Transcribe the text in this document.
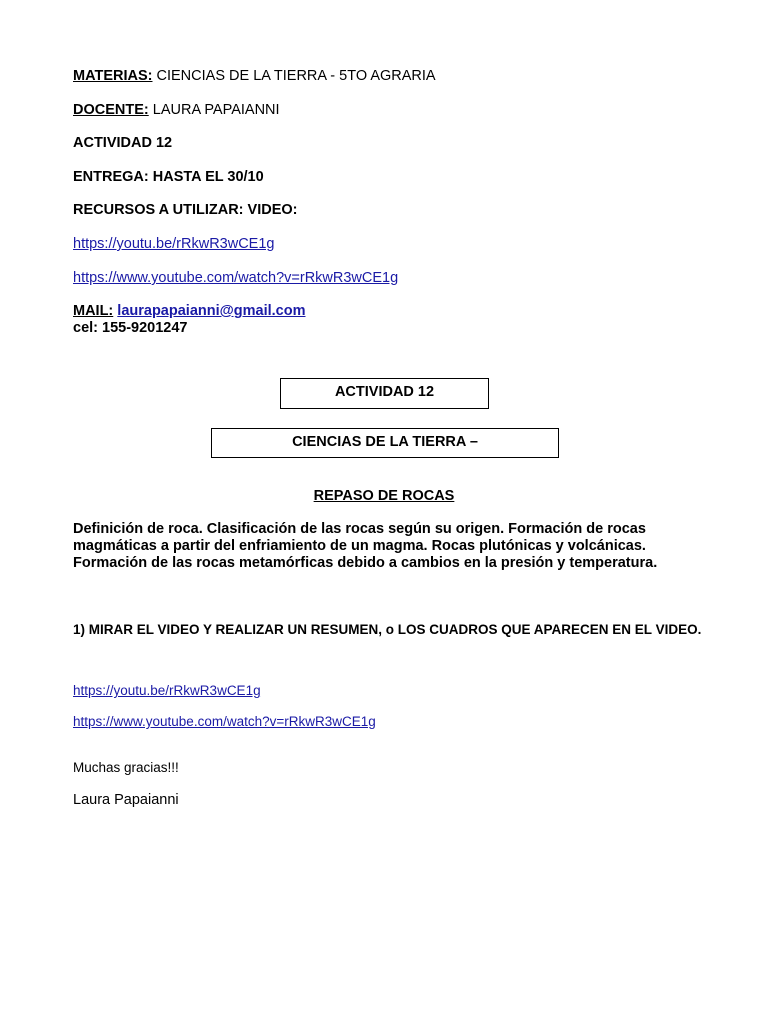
MATERIAS: CIENCIAS DE LA TIERRA - 5TO AGRARIA
DOCENTE: LAURA PAPAIANNI
ACTIVIDAD 12
ENTREGA: HASTA EL 30/10
RECURSOS A UTILIZAR: VIDEO:
https://youtu.be/rRkwR3wCE1g
https://www.youtube.com/watch?v=rRkwR3wCE1g
MAIL: laurapapaianni@gmail.com
cel: 155-9201247
ACTIVIDAD 12
CIENCIAS DE LA TIERRA –
REPASO DE ROCAS
Definición de roca. Clasificación de las rocas según su origen. Formación de rocas magmáticas a partir del enfriamiento de un magma. Rocas plutónicas y volcánicas. Formación de las rocas metamórficas debido a cambios en la presión y temperatura.
1) MIRAR EL VIDEO Y REALIZAR UN RESUMEN, o LOS CUADROS QUE APARECEN EN EL VIDEO.
https://youtu.be/rRkwR3wCE1g
https://www.youtube.com/watch?v=rRkwR3wCE1g
Muchas gracias!!!
Laura Papaianni
